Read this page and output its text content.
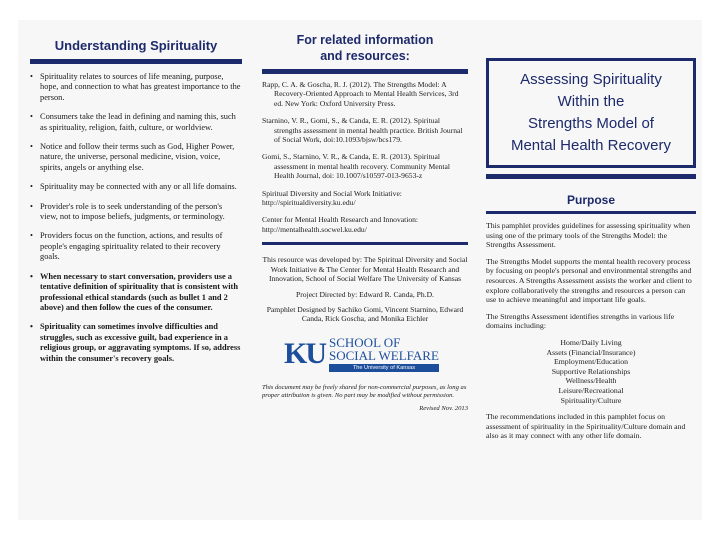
Understanding Spirituality
• Spirituality relates to sources of life meaning, purpose, hope, and connection to what has greatest importance to the person.
• Consumers take the lead in defining and naming this, such as spirituality, religion, faith, culture, or worldview.
• Notice and follow their terms such as God, Higher Power, nature, the universe, personal medicine, vision, voice, spirits, angels or anything else.
• Spirituality may be connected with any or all life domains.
• Provider's role is to seek understanding of the person's view, not to impose beliefs, judgments, or terminology.
• Providers focus on the function, actions, and results of people's engaging spirituality related to their recovery goals.
• When necessary to start conversation, providers use a tentative definition of spirituality that is consistent with professional ethical standards (such as bullet 1 and 2 above) and then follow the cues of the consumer.
• Spirituality can sometimes involve difficulties and struggles, such as excessive guilt, bad experience in a religious group, or aggravating symptoms. If so, address within the consumer's recovery goals.
For related information
and resources:
Rapp, C. A. & Goscha, R. J. (2012). The Strengths Model: A Recovery-Oriented Approach to Mental Health Services, 3rd ed. New York: Oxford University Press.
Starnino, V. R., Gomi, S., & Canda, E. R. (2012). Spiritual strengths assessment in mental health practice. British Journal of Social Work, doi:10.1093/bjsw/bcs179.
Gomi, S., Starnino, V. R., & Canda, E. R. (2013). Spiritual assessment in mental health recovery. Community Mental Health Journal, doi: 10.1007/s10597-013-9653-z
Spiritual Diversity and Social Work Initiative: http://spiritualdiversity.ku.edu/
Center for Mental Health Research and Innovation: http://mentalhealth.socwel.ku.edu/
This resource was developed by: The Spiritual Diversity and Social Work Initiative & The Center for Mental Health Research and Innovation, School of Social Welfare The University of Kansas
Project Directed by: Edward R. Canda, Ph.D.
Pamphlet Designed by Sachiko Gomi, Vincent Starnino, Edward Canda, Rick Goscha, and Monika Eichler
KU SCHOOL OF
SOCIAL WELFARE
The University of Kansas
This document may be freely shared for non-commercial purposes, as long as proper attribution is given. No part may be modified without permission.
Revised Nov. 2013
Assessing Spirituality
Within the
Strengths Model of
Mental Health Recovery
Purpose
This pamphlet provides guidelines for assessing spirituality when using one of the primary tools of the Strengths Model: the Strengths Assessment.
The Strengths Model supports the mental health recovery process by focusing on people's personal and environmental strengths and resources. A Strengths Assessment assists the worker and client to explore collaboratively the strengths and resources a person can use to achieve meaningful and important life goals.
The Strengths Assessment identifies strengths in various life domains including:
Home/Daily Living
Assets (Financial/Insurance)
Employment/Education
Supportive Relationships
Wellness/Health
Leisure/Recreational
Spirituality/Culture
The recommendations included in this pamphlet focus on assessment of spirituality in the Spirituality/Culture domain and also as it may connect with any other life domain.
